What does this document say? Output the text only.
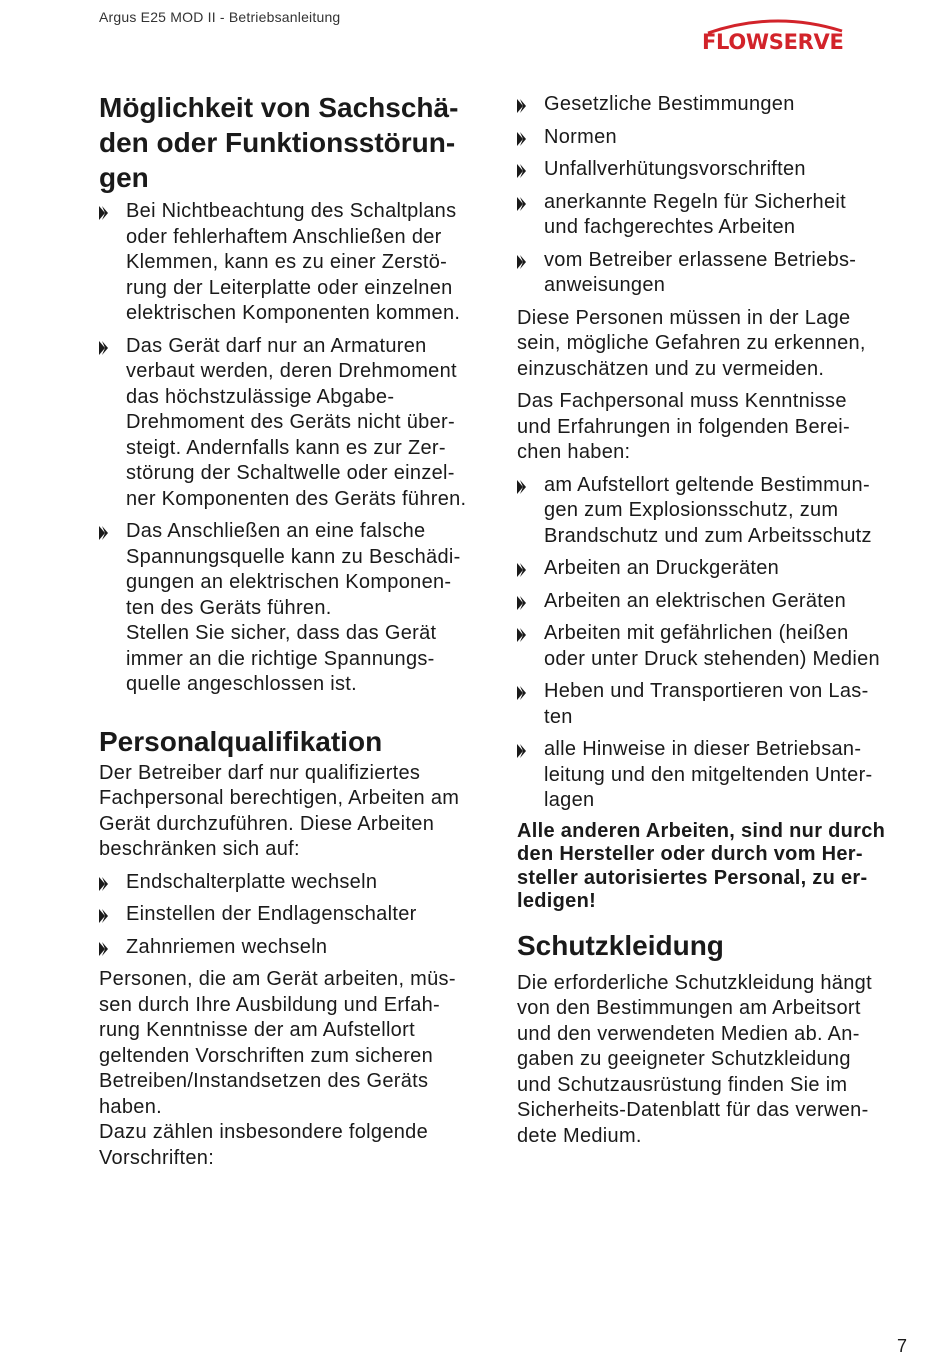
Argus E25 MOD II - Betriebsanleitung
FLOWSERVE
Möglichkeit von Sachschä-
den oder Funktionsstörun-
gen
Bei Nichtbeachtung des Schaltplans
oder fehlerhaftem Anschließen der
Klemmen, kann es zu einer Zerstö-
rung der Leiterplatte oder einzelnen
elektrischen Komponenten kommen.
Das Gerät darf nur an Armaturen
verbaut werden, deren Drehmoment
das höchstzulässige Abgabe-
Drehmoment des Geräts nicht über-
steigt. Andernfalls kann es zur Zer-
störung der Schaltwelle oder einzel-
ner Komponenten des Geräts führen.
Das Anschließen an eine falsche
Spannungsquelle kann zu Beschädi-
gungen an elektrischen Komponen-
ten des Geräts führen.
Stellen Sie sicher, dass das Gerät
immer an die richtige Spannungs-
quelle angeschlossen ist.
Personalqualifikation

Der Betreiber darf nur qualifiziertes
Fachpersonal berechtigen, Arbeiten am
Gerät durchzuführen. Diese Arbeiten
beschränken sich auf:

Endschalterplatte wechseln
Einstellen der Endlagenschalter
Zahnriemen wechseln

Personen, die am Gerät arbeiten, müs-
sen durch Ihre Ausbildung und Erfah-
rung Kenntnisse der am Aufstellort
geltenden Vorschriften zum sicheren
Betreiben/Instandsetzen des Geräts
haben.
Dazu zählen insbesondere folgende
Vorschriften:

Gesetzliche Bestimmungen
Normen
Unfallverhütungsvorschriften
anerkannte Regeln für Sicherheit
und fachgerechtes Arbeiten
vom Betreiber erlassene Betriebs-
anweisungen

Diese Personen müssen in der Lage
sein, mögliche Gefahren zu erkennen,
einzuschätzen und zu vermeiden.

Das Fachpersonal muss Kenntnisse
und Erfahrungen in folgenden Berei-
chen haben:

am Aufstellort geltende Bestimmun-
gen zum Explosionsschutz, zum
Brandschutz und zum Arbeitsschutz
Arbeiten an Druckgeräten
Arbeiten an elektrischen Geräten
Arbeiten mit gefährlichen (heißen
oder unter Druck stehenden) Medien
Heben und Transportieren von Las-
ten
alle Hinweise in dieser Betriebsan-
leitung und den mitgeltenden Unter-
lagen

Alle anderen Arbeiten, sind nur durch
den Hersteller oder durch vom Her-
steller autorisiertes Personal, zu er-
ledigen!

Schutzkleidung

Die erforderliche Schutzkleidung hängt
von den Bestimmungen am Arbeitsort
und den verwendeten Medien ab. An-
gaben zu geeigneter Schutzkleidung
und Schutzausrüstung finden Sie im
Sicherheits-Datenblatt für das verwen-
dete Medium.

7
